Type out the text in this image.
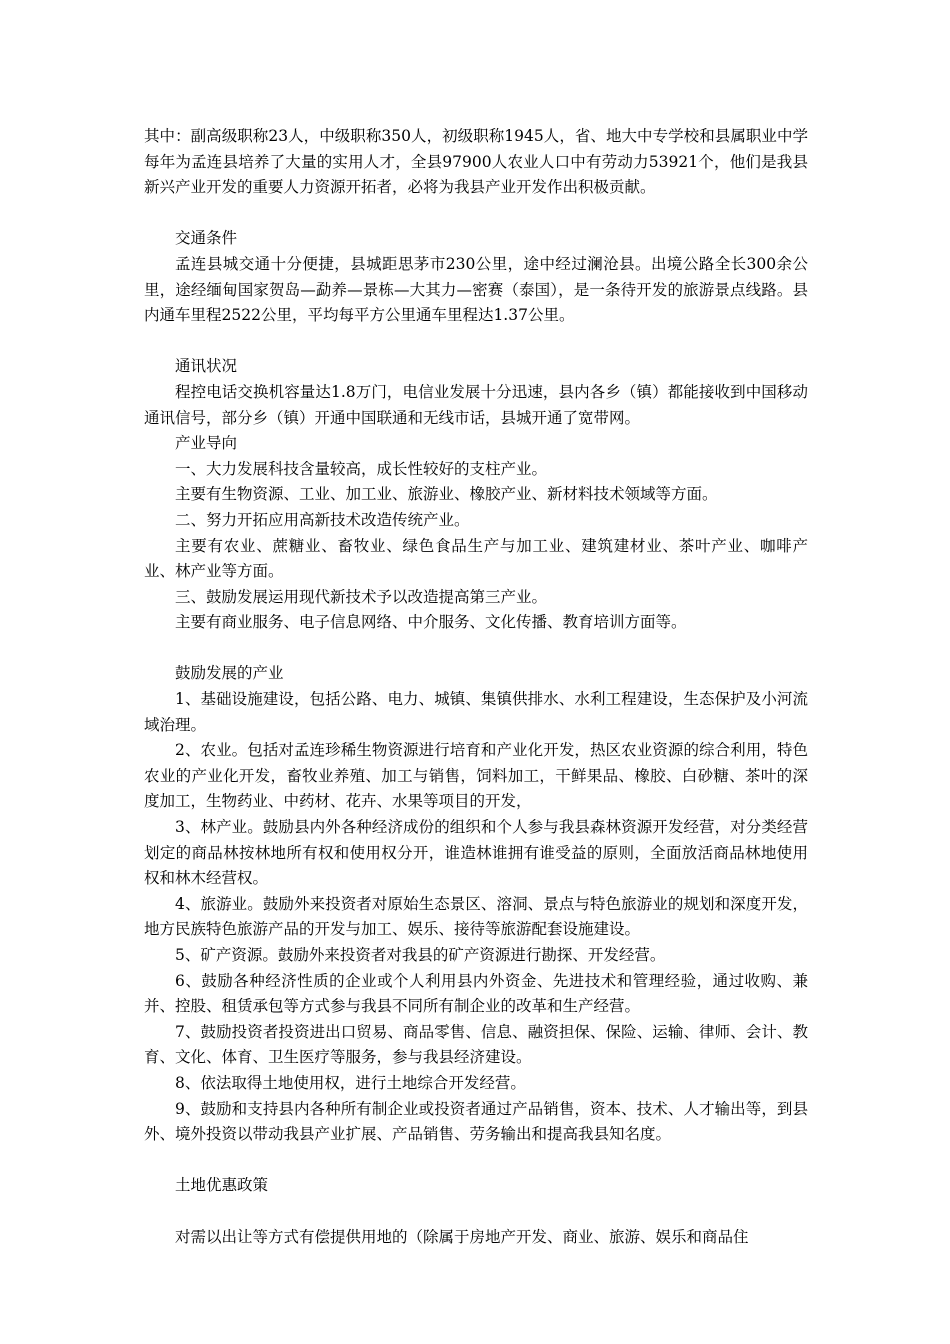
其中：副高级职称23人，中级职称350人，初级职称1945人，省、地大中专学校和县属职业中学每年为孟连县培养了大量的实用人才，全县97900人农业人口中有劳动力53921个，他们是我县新兴产业开发的重要人力资源开拓者，必将为我县产业开发作出积极贡献。

交通条件

孟连县城交通十分便捷，县城距思茅市230公里，途中经过澜沧县。出境公路全长300余公里，途经缅甸国家贺岛—勐养—景栋—大其力—密赛（泰国），是一条待开发的旅游景点线路。县内通车里程2522公里，平均每平方公里通车里程达1.37公里。

通讯状况

程控电话交换机容量达1.8万门，电信业发展十分迅速，县内各乡（镇）都能接收到中国移动通讯信号，部分乡（镇）开通中国联通和无线市话，县城开通了宽带网。

产业导向

一、大力发展科技含量较高，成长性较好的支柱产业。

主要有生物资源、工业、加工业、旅游业、橡胶产业、新材料技术领域等方面。

二、努力开拓应用高新技术改造传统产业。

主要有农业、蔗糖业、畜牧业、绿色食品生产与加工业、建筑建材业、茶叶产业、咖啡产业、林产业等方面。

三、鼓励发展运用现代新技术予以改造提高第三产业。

主要有商业服务、电子信息网络、中介服务、文化传播、教育培训方面等。

鼓励发展的产业

1、基础设施建设，包括公路、电力、城镇、集镇供排水、水利工程建设，生态保护及小河流域治理。

2、农业。包括对孟连珍稀生物资源进行培育和产业化开发，热区农业资源的综合利用，特色农业的产业化开发，畜牧业养殖、加工与销售，饲料加工，干鲜果品、橡胶、白砂糖、茶叶的深度加工，生物药业、中药材、花卉、水果等项目的开发，

3、林产业。鼓励县内外各种经济成份的组织和个人参与我县森林资源开发经营，对分类经营划定的商品林按林地所有权和使用权分开，谁造林谁拥有谁受益的原则，全面放活商品林地使用权和林木经营权。

4、旅游业。鼓励外来投资者对原始生态景区、溶洞、景点与特色旅游业的规划和深度开发，地方民族特色旅游产品的开发与加工、娱乐、接待等旅游配套设施建设。

5、矿产资源。鼓励外来投资者对我县的矿产资源进行勘探、开发经营。

6、鼓励各种经济性质的企业或个人利用县内外资金、先进技术和管理经验，通过收购、兼并、控股、租赁承包等方式参与我县不同所有制企业的改革和生产经营。

7、鼓励投资者投资进出口贸易、商品零售、信息、融资担保、保险、运输、律师、会计、教育、文化、体育、卫生医疗等服务，参与我县经济建设。

8、依法取得土地使用权，进行土地综合开发经营。

9、鼓励和支持县内各种所有制企业或投资者通过产品销售，资本、技术、人才输出等，到县外、境外投资以带动我县产业扩展、产品销售、劳务输出和提高我县知名度。

土地优惠政策

对需以出让等方式有偿提供用地的（除属于房地产开发、商业、旅游、娱乐和商品住
